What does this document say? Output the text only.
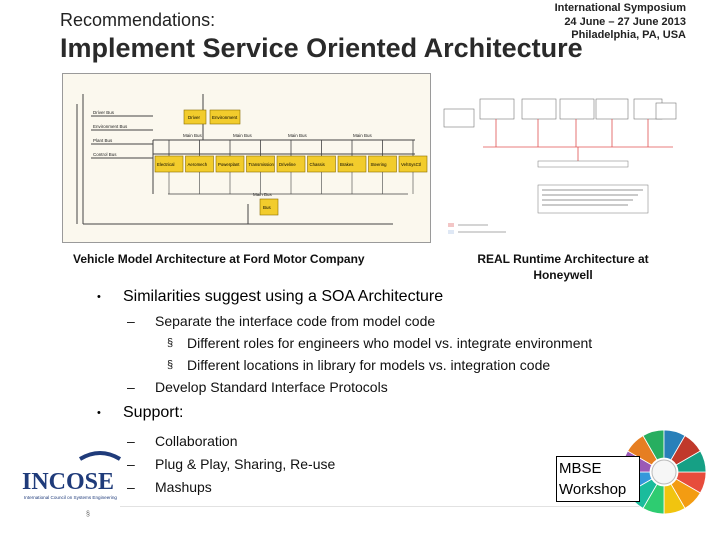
International Symposium
24 June – 27 June 2013
Philadelphia, PA, USA
Recommendations:
Implement Service Oriented Architecture
Driver Bus
Environment Bus
Plant Bus
Control Bus
Main Bus	Main Bus	Main Bus	Main Bus
Main Bus
Driver	Environment
Electrical	Aeromech	Powerplant Transmission Driveline	Chassis	Brakes	Steering	VehSysCtl
Bus
Vehicle Model Architecture at Ford Motor Company	REAL Runtime Architecture at Honeywell
• Similarities suggest using a SOA Architecture
– Separate the interface code from model code
§ Different roles for engineers who model vs. integrate environment
§ Different locations in library for models vs. integration code
– Develop Standard Interface Protocols
• Support:
– Collaboration
– Plug & Play, Sharing, Re-use
– Mashups
INCOSE
International Council on Systems Engineering
§
MBSE
Workshop
